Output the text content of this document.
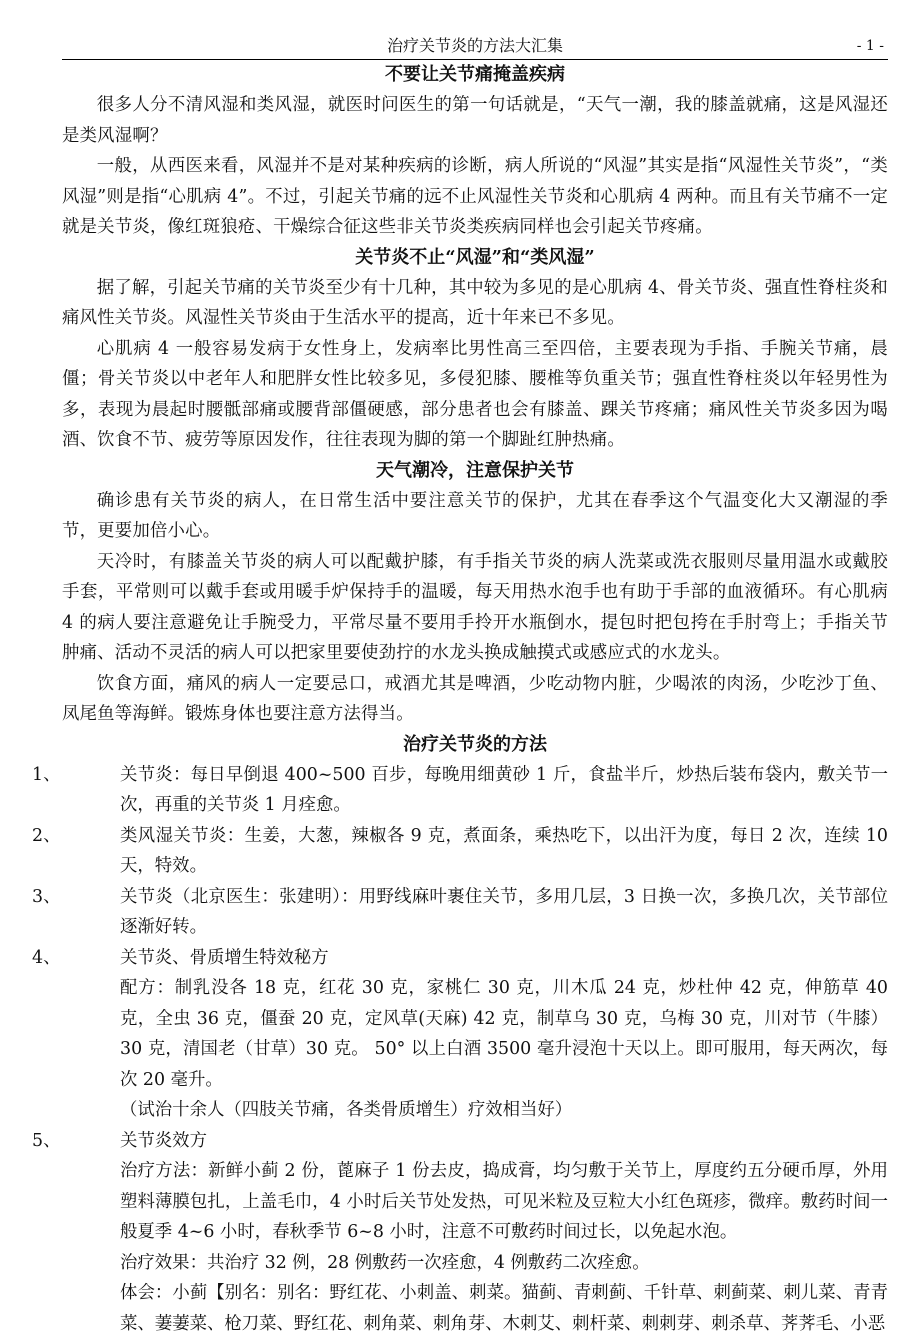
治疗关节炎的方法大汇集	- 1 -
不要让关节痛掩盖疾病

很多人分不清风湿和类风湿，就医时问医生的第一句话就是，“天气一潮，我的膝盖就痛，这是风湿还是类风湿啊？

一般，从西医来看，风湿并不是对某种疾病的诊断，病人所说的“风湿”其实是指“风湿性关节炎”，“类风湿”则是指“心肌病 4”。不过，引起关节痛的远不止风湿性关节炎和心肌病 4 两种。而且有关节痛不一定就是关节炎，像红斑狼疮、干燥综合征这些非关节炎类疾病同样也会引起关节疼痛。

关节炎不止“风湿”和“类风湿”

据了解，引起关节痛的关节炎至少有十几种，其中较为多见的是心肌病 4、骨关节炎、强直性脊柱炎和痛风性关节炎。风湿性关节炎由于生活水平的提高，近十年来已不多见。

心肌病 4 一般容易发病于女性身上，发病率比男性高三至四倍，主要表现为手指、手腕关节痛，晨僵；骨关节炎以中老年人和肥胖女性比较多见，多侵犯膝、腰椎等负重关节；强直性脊柱炎以年轻男性为多，表现为晨起时腰骶部痛或腰背部僵硬感，部分患者也会有膝盖、踝关节疼痛；痛风性关节炎多因为喝酒、饮食不节、疲劳等原因发作，往往表现为脚的第一个脚趾红肿热痛。

天气潮冷，注意保护关节

确诊患有关节炎的病人，在日常生活中要注意关节的保护，尤其在春季这个气温变化大又潮湿的季节，更要加倍小心。

天冷时，有膝盖关节炎的病人可以配戴护膝，有手指关节炎的病人洗菜或洗衣服则尽量用温水或戴胶手套，平常则可以戴手套或用暖手炉保持手的温暖，每天用热水泡手也有助于手部的血液循环。有心肌病 4 的病人要注意避免让手腕受力，平常尽量不要用手拎开水瓶倒水，提包时把包挎在手肘弯上；手指关节肿痛、活动不灵活的病人可以把家里要使劲拧的水龙头换成触摸式或感应式的水龙头。

饮食方面，痛风的病人一定要忌口，戒酒尤其是啤酒，少吃动物内脏，少喝浓的肉汤，少吃沙丁鱼、凤尾鱼等海鲜。锻炼身体也要注意方法得当。

治疗关节炎的方法
1、	关节炎：每日早倒退 400~500 百步，每晚用细黄砂 1 斤，食盐半斤，炒热后装布袋内，敷关节一次，再重的关节炎 1 月痊愈。
2、	类风湿关节炎：生姜，大葱，辣椒各 9 克，煮面条，乘热吃下，以出汗为度，每日 2 次，连续 10 天，特效。
3、	关节炎（北京医生：张建明）：用野线麻叶裹住关节，多用几层，3 日换一次，多换几次，关节部位逐渐好转。
4、	关节炎、骨质增生特效秘方

配方：制乳没各 18 克，红花 30 克，家桃仁 30 克，川木瓜 24 克，炒杜仲 42 克，伸筋草 40 克，全虫 36 克，僵蚕 20 克，定风草(天麻) 42 克，制草乌 30 克，乌梅 30 克，川对节（牛膝）30 克，清国老（甘草）30 克。 50° 以上白酒 3500 毫升浸泡十天以上。即可服用，每天两次，每次 20 毫升。

（试治十余人（四肢关节痛，各类骨质增生）疗效相当好）

5、	关节炎效方

治疗方法：新鲜小蓟 2 份，蓖麻子 1 份去皮，捣成膏，均匀敷于关节上，厚度约五分硬币厚，外用塑料薄膜包扎，上盖毛巾，4 小时后关节处发热，可见米粒及豆粒大小红色斑疹，微痒。敷药时间一般夏季 4~6 小时，春秋季节 6~8 小时，注意不可敷药时间过长，以免起水泡。

治疗效果：共治疗 32 例，28 例敷药一次痊愈，4 例敷药二次痊愈。

体会：小蓟【别名：别名：野红花、小刺盖、刺菜。猫蓟、青刺蓟、千针草、刺蓟菜、刺儿菜、青青菜、萋萋菜、枪刀菜、野红花、刺角菜、刺角芽、木刺艾、刺杆菜、刺刺芽、刺杀草、荠荠毛、小恶
